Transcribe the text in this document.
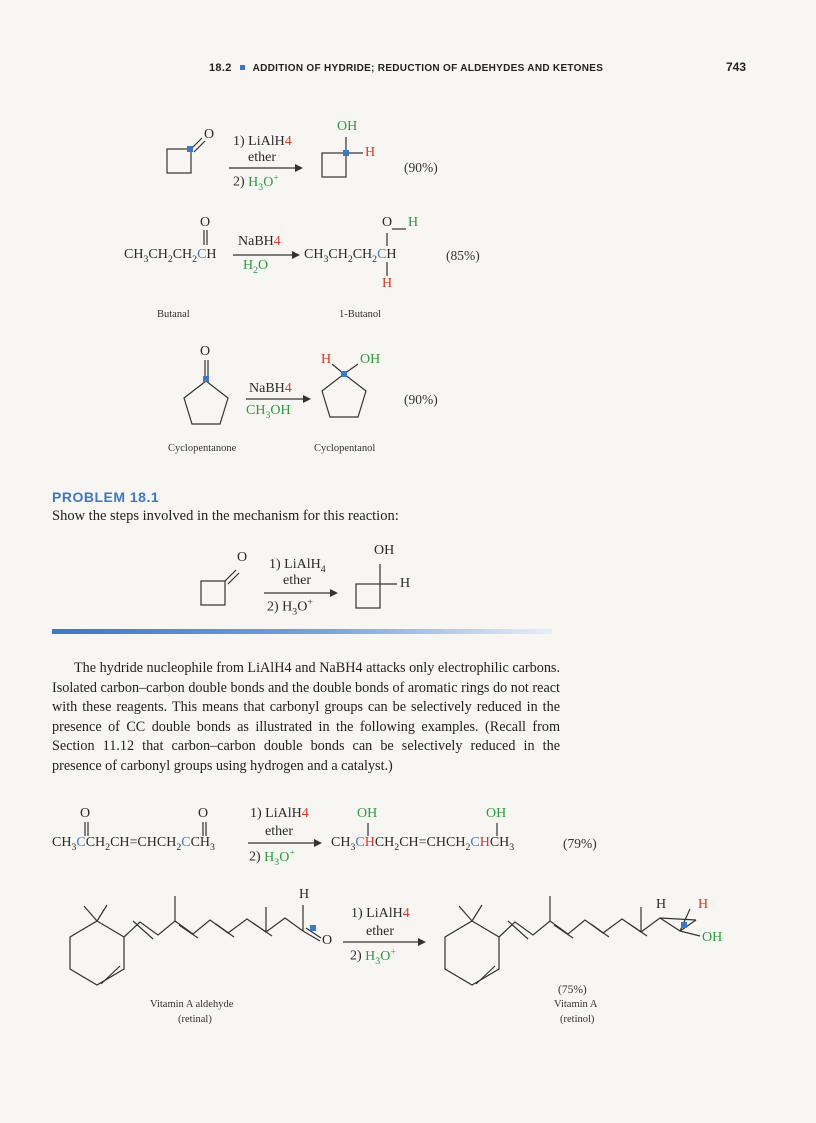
18.2 ADDITION OF HYDRIDE; REDUCTION OF ALDEHYDES AND KETONES	743
O 1) LiAlH4
ether
2) $H_3O^+$
OH
H
(90%)
O
$CH_3CH_2CH_2CH$
NaBH4
$H_2O$
O H
$CH_3CH_2CH_2CH$
H
(85%)
Butanal	1-Butanol
O
NaBH4
$CH_3OH$
H OH
(90%)
Cyclopentanone	Cyclopentanol
PROBLEM 18.1
Show the steps involved in the mechanism for this reaction:
O 1) LiAlH$_4$
ether
2) $H_3O^+$
OH
H

The hydride nucleophile from LiAlH4 and NaBH4 attacks only electrophilic carbons. Isolated carbon–carbon double bonds and the double bonds of aromatic rings do not react with these reagents. This means that carbonyl groups can be selectively reduced in the presence of CC double bonds as illustrated in the following examples. (Recall from Section 11.12 that carbon–carbon double bonds can be selectively reduced in the presence of carbonyl groups using hydrogen and a catalyst.)

O	O
$CH_3CCH_2CH=CHCH_2CCH_3$
1) LiAlH4
ether
2) $H_3O^+$
OH	OH
$CH_3CHCH_2CH=CHCH_2CHCH_3$	(79%)
H
O
1) LiAlH4
ether
2) $H_3O^+$
H H
OH
Vitamin A aldehyde
(retinal)
(75%)
Vitamin A
(retinol)
